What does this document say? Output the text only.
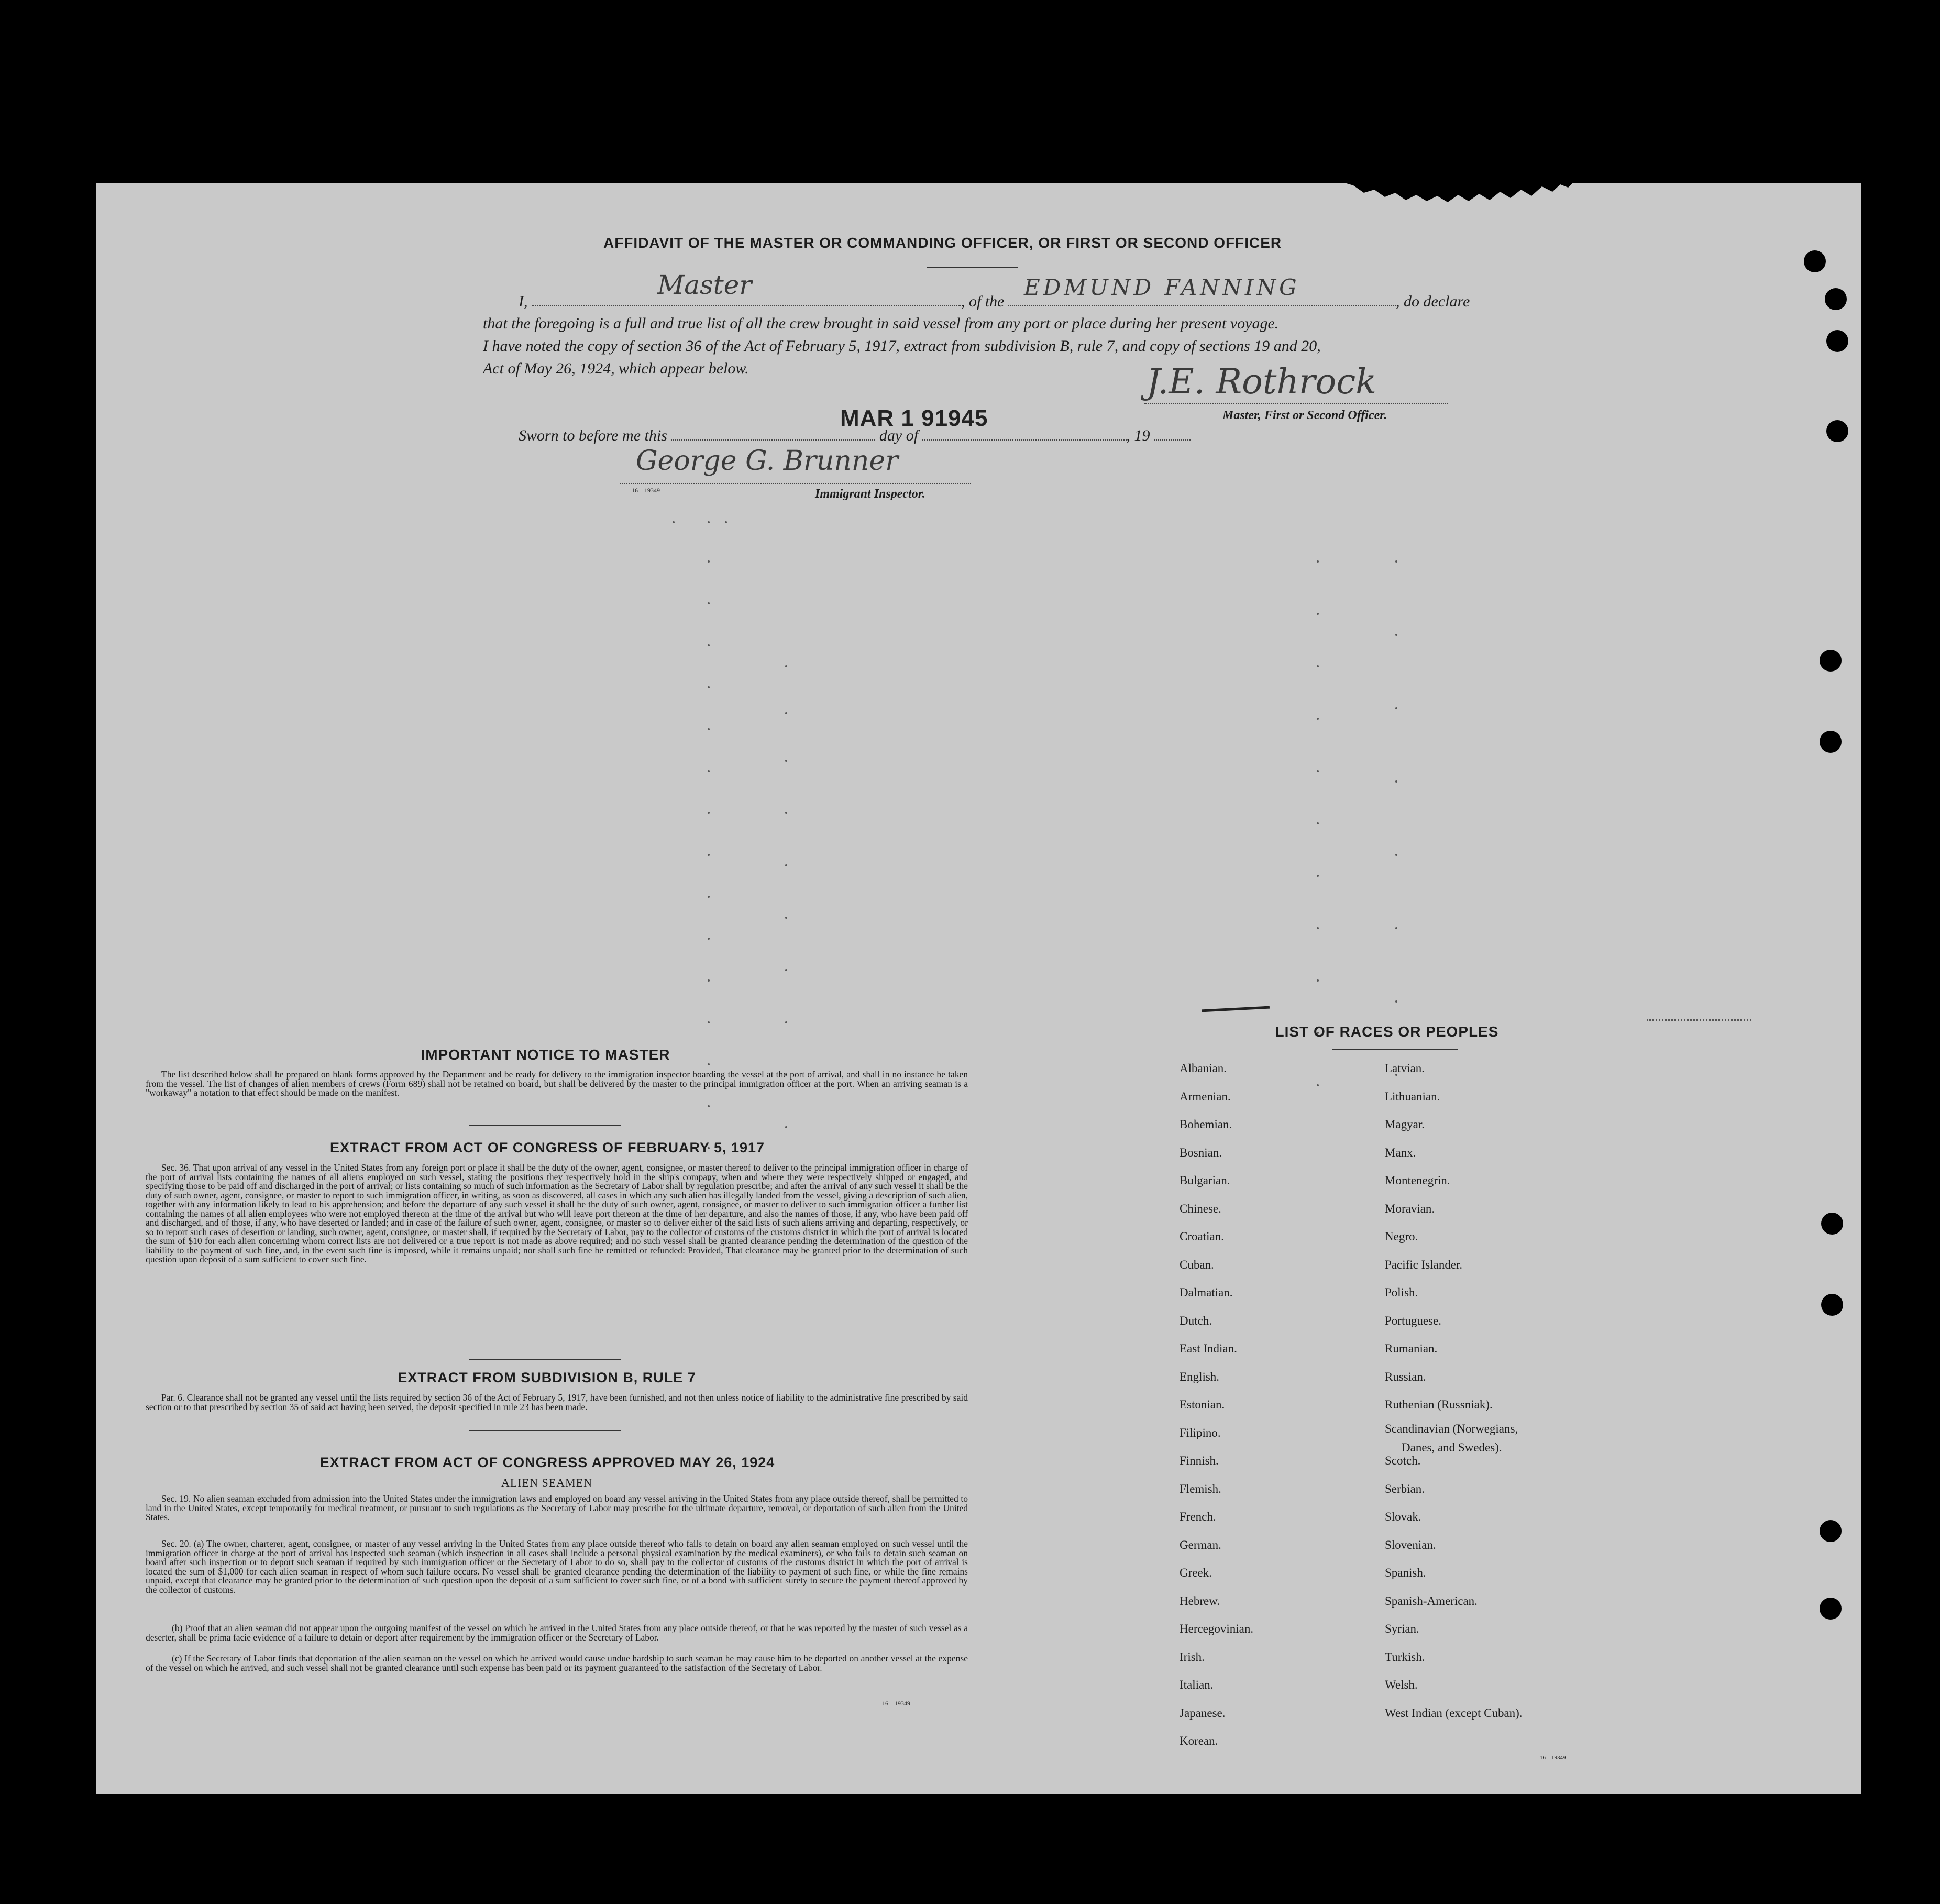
AFFIDAVIT OF THE MASTER OR COMMANDING OFFICER, OR FIRST OR SECOND OFFICER
I,
Master
, of the
EDMUND FANNING
, do declare
that the foregoing is a full and true list of all the crew brought in said vessel from any port or place during her present voyage.
I have noted the copy of section 36 of the Act of February 5, 1917, extract from subdivision B, rule 7, and copy of sections 19 and 20,
Act of May 26, 1924, which appear below.	J.E. Rothrock
Master, First or Second Officer.
Sworn to before me this	day of	, 19
MAR 1 91945
George G. Brunner
16—19349	Immigrant Inspector.
IMPORTANT NOTICE TO MASTER
The list described below shall be prepared on blank forms approved by the Department and be ready for delivery to the immigration inspector boarding the vessel at the port of arrival, and shall in no instance be taken from the vessel. The list of changes of alien members of crews (Form 689) shall not be retained on board, but shall be delivered by the master to the principal immigration officer at the port. When an arriving seaman is a "workaway" a notation to that effect should be made on the manifest.
EXTRACT FROM ACT OF CONGRESS OF FEBRUARY 5, 1917
Sec. 36. That upon arrival of any vessel in the United States from any foreign port or place it shall be the duty of the owner, agent, consignee, or master thereof to deliver to the principal immigration officer in charge of the port of arrival lists containing the names of all aliens employed on such vessel, stating the positions they respectively hold in the ship's company, when and where they were respectively shipped or engaged, and specifying those to be paid off and discharged in the port of arrival; or lists containing so much of such information as the Secretary of Labor shall by regulation prescribe; and after the arrival of any such vessel it shall be the duty of such owner, agent, consignee, or master to report to such immigration officer, in writing, as soon as discovered, all cases in which any such alien has illegally landed from the vessel, giving a description of such alien, together with any information likely to lead to his apprehension; and before the departure of any such vessel it shall be the duty of such owner, agent, consignee, or master to deliver to such immigration officer a further list containing the names of all alien employees who were not employed thereon at the time of the arrival but who will leave port thereon at the time of her departure, and also the names of those, if any, who have been paid off and discharged, and of those, if any, who have deserted or landed; and in case of the failure of such owner, agent, consignee, or master so to deliver either of the said lists of such aliens arriving and departing, respectively, or so to report such cases of desertion or landing, such owner, agent, consignee, or master shall, if required by the Secretary of Labor, pay to the collector of customs of the customs district in which the port of arrival is located the sum of $10 for each alien concerning whom correct lists are not delivered or a true report is not made as above required; and no such vessel shall be granted clearance pending the determination of the question of the liability to the payment of such fine, and, in the event such fine is imposed, while it remains unpaid; nor shall such fine be remitted or refunded: Provided, That clearance may be granted prior to the determination of such question upon deposit of a sum sufficient to cover such fine.
EXTRACT FROM SUBDIVISION B, RULE 7
Par. 6. Clearance shall not be granted any vessel until the lists required by section 36 of the Act of February 5, 1917, have been furnished, and not then unless notice of liability to the administrative fine prescribed by said section or to that prescribed by section 35 of said act having been served, the deposit specified in rule 23 has been made.
EXTRACT FROM ACT OF CONGRESS APPROVED MAY 26, 1924
ALIEN SEAMEN
Sec. 19. No alien seaman excluded from admission into the United States under the immigration laws and employed on board any vessel arriving in the United States from any place outside thereof, shall be permitted to land in the United States, except temporarily for medical treatment, or pursuant to such regulations as the Secretary of Labor may prescribe for the ultimate departure, removal, or deportation of such alien from the United States.
Sec. 20. (a) The owner, charterer, agent, consignee, or master of any vessel arriving in the United States from any place outside thereof who fails to detain on board any alien seaman employed on such vessel until the immigration officer in charge at the port of arrival has inspected such seaman (which inspection in all cases shall include a personal physical examination by the medical examiners), or who fails to detain such seaman on board after such inspection or to deport such seaman if required by such immigration officer or the Secretary of Labor to do so, shall pay to the collector of customs of the customs district in which the port of arrival is located the sum of $1,000 for each alien seaman in respect of whom such failure occurs. No vessel shall be granted clearance pending the determination of the liability to payment of such fine, or while the fine remains unpaid, except that clearance may be granted prior to the determination of such question upon the deposit of a sum sufficient to cover such fine, or of a bond with sufficient surety to secure the payment thereof approved by the collector of customs.
(b) Proof that an alien seaman did not appear upon the outgoing manifest of the vessel on which he arrived in the United States from any place outside thereof, or that he was reported by the master of such vessel as a deserter, shall be prima facie evidence of a failure to detain or deport after requirement by the immigration officer or the Secretary of Labor.
(c) If the Secretary of Labor finds that deportation of the alien seaman on the vessel on which he arrived would cause undue hardship to such seaman he may cause him to be deported on another vessel at the expense of the vessel on which he arrived, and such vessel shall not be granted clearance until such expense has been paid or its payment guaranteed to the satisfaction of the Secretary of Labor.
16—19349
LIST OF RACES OR PEOPLES
16—19349
Albanian.
Armenian.
Bohemian.
Bosnian.
Bulgarian.
Chinese.
Croatian.
Cuban.
Dalmatian.
Dutch.
East Indian.
English.
Estonian.
Filipino.
Finnish.
Flemish.
French.
German.
Greek.
Hebrew.
Hercegovinian.
Irish.
Italian.
Japanese.
Korean.
Latvian.
Lithuanian.
Magyar.
Manx.
Montenegrin.
Moravian.
Negro.
Pacific Islander.
Polish.
Portuguese.
Rumanian.
Russian.
Ruthenian (Russniak).
Scandinavian (Norwegians,
Danes, and Swedes).
Scotch.
Serbian.
Slovak.
Slovenian.
Spanish.
Spanish-American.
Syrian.
Turkish.
Welsh.
West Indian (except Cuban).
